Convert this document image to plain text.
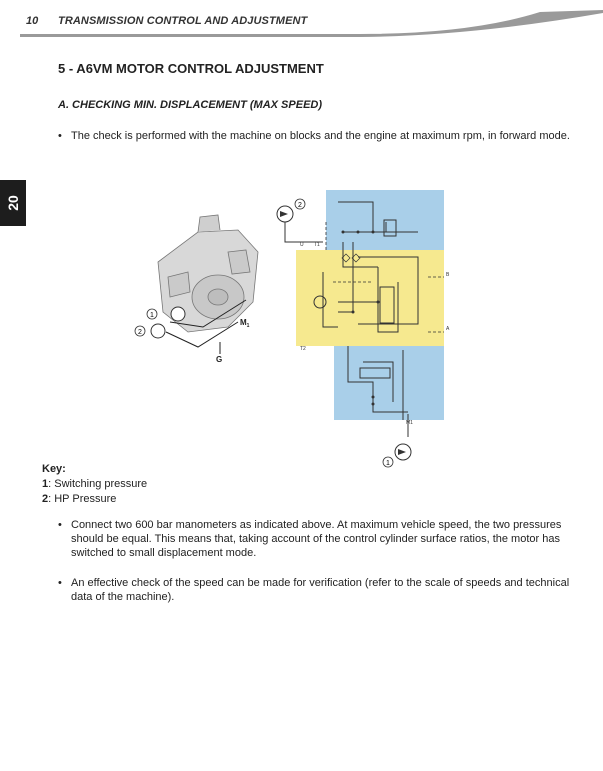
10 TRANSMISSION CONTROL AND ADJUSTMENT
20
5 - A6VM MOTOR CONTROL ADJUSTMENT
A. CHECKING MIN. DISPLACEMENT (MAX SPEED)
• The check is performed with the machine on blocks and the engine at maximum rpm, in forward mode.
2
1
U T1
T2
B
A
M1
1
2
$M_1$
G
Key:
1: Switching pressure
2: HP Pressure
• Connect two 600 bar manometers as indicated above. At maximum vehicle speed, the two pressures should be equal. This means that, taking account of the control cylinder surface ratios, the motor has switched to small displacement mode.
• An effective check of the speed can be made for verification (refer to the scale of speeds and technical data of the machine).
